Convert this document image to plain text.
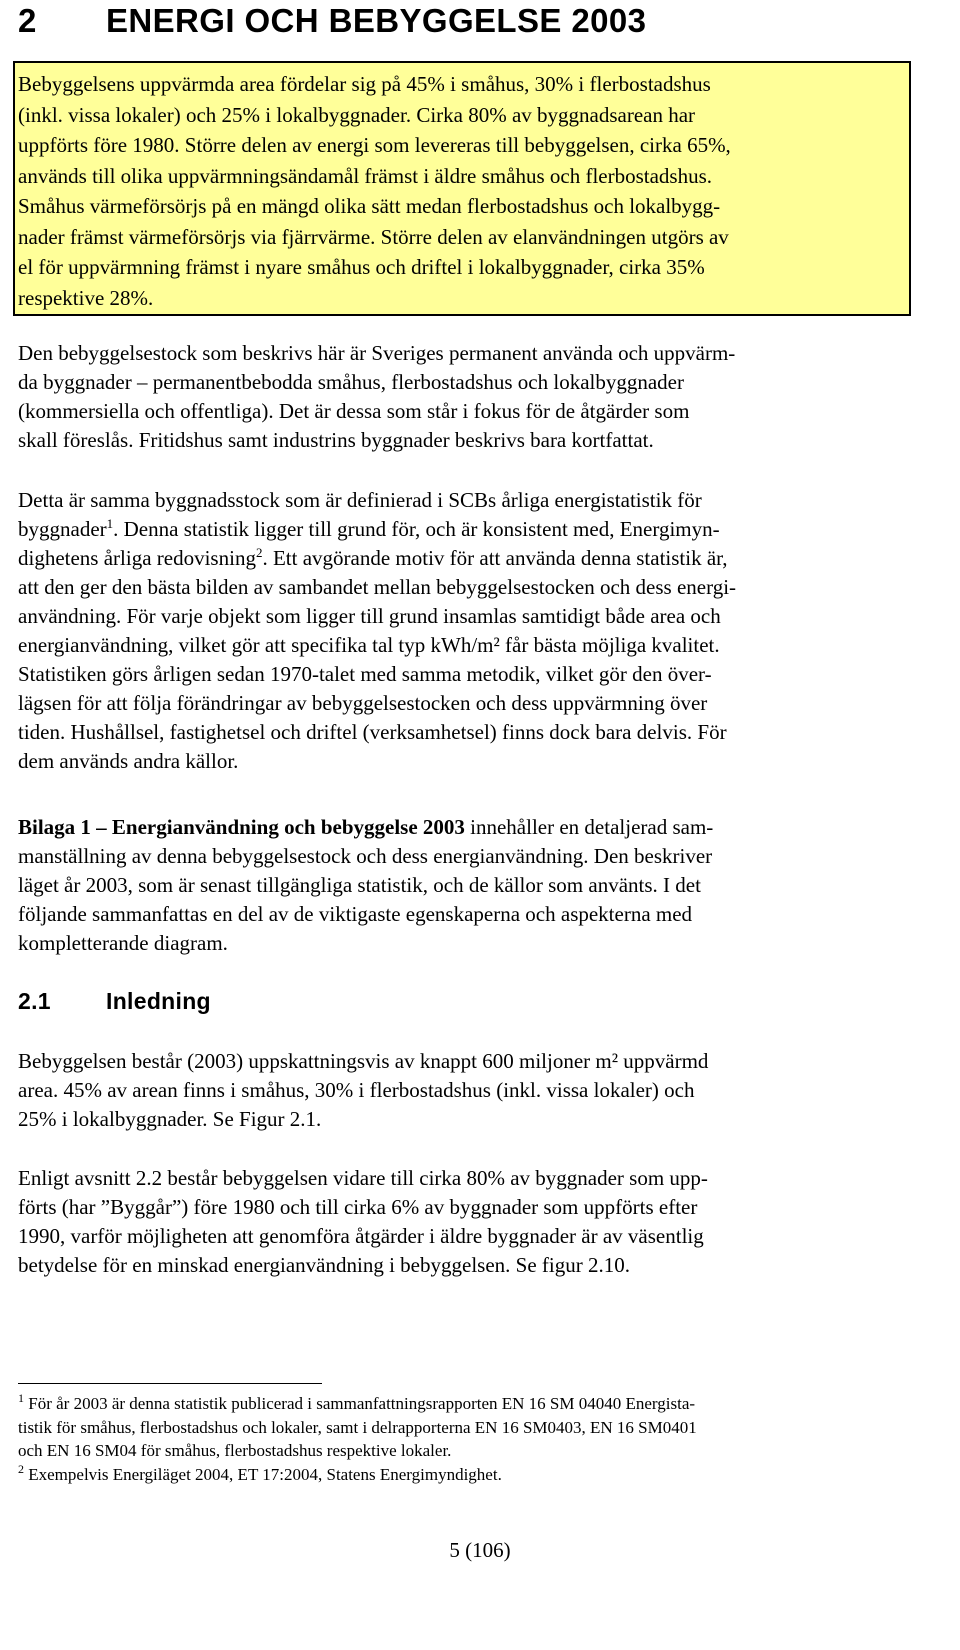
2 ENERGI OCH BEBYGGELSE 2003
Bebyggelsens uppvärmda area fördelar sig på 45% i småhus, 30% i flerbostadshus
(inkl. vissa lokaler) och 25% i lokalbyggnader. Cirka 80% av byggnadsarean har
uppförts före 1980. Större delen av energi som levereras till bebyggelsen, cirka 65%,
används till olika uppvärmningsändamål främst i äldre småhus och flerbostadshus.
Småhus värmeförsörjs på en mängd olika sätt medan flerbostadshus och lokalbygg-
nader främst värmeförsörjs via fjärrvärme. Större delen av elanvändningen utgörs av
el för uppvärmning främst i nyare småhus och driftel i lokalbyggnader, cirka 35%
respektive 28%.
Den bebyggelsestock som beskrivs här är Sveriges permanent använda och uppvärm-
da byggnader – permanentbebodda småhus, flerbostadshus och lokalbyggnader
(kommersiella och offentliga). Det är dessa som står i fokus för de åtgärder som
skall föreslås. Fritidshus samt industrins byggnader beskrivs bara kortfattat.
Detta är samma byggnadsstock som är definierad i SCBs årliga energistatistik för
byggnader$^1$. Denna statistik ligger till grund för, och är konsistent med, Energimyn-
dighetens årliga redovisning$^2$. Ett avgörande motiv för att använda denna statistik är,
att den ger den bästa bilden av sambandet mellan bebyggelsestocken och dess energi-
användning. För varje objekt som ligger till grund insamlas samtidigt både area och
energianvändning, vilket gör att specifika tal typ kWh/m² får bästa möjliga kvalitet.
Statistiken görs årligen sedan 1970-talet med samma metodik, vilket gör den över-
lägsen för att följa förändringar av bebyggelsestocken och dess uppvärmning över
tiden. Hushållsel, fastighetsel och driftel (verksamhetsel) finns dock bara delvis. För
dem används andra källor.
Bilaga 1 – Energianvändning och bebyggelse 2003 innehåller en detaljerad sam-
manställning av denna bebyggelsestock och dess energianvändning. Den beskriver
läget år 2003, som är senast tillgängliga statistik, och de källor som använts. I det
följande sammanfattas en del av de viktigaste egenskaperna och aspekterna med
kompletterande diagram.
2.1 Inledning
Bebyggelsen består (2003) uppskattningsvis av knappt 600 miljoner m² uppvärmd
area. 45% av arean finns i småhus, 30% i flerbostadshus (inkl. vissa lokaler) och
25% i lokalbyggnader. Se Figur 2.1.
Enligt avsnitt 2.2 består bebyggelsen vidare till cirka 80% av byggnader som upp-
förts (har ”Byggår”) före 1980 och till cirka 6% av byggnader som uppförts efter
1990, varför möjligheten att genomföra åtgärder i äldre byggnader är av väsentlig
betydelse för en minskad energianvändning i bebyggelsen. Se figur 2.10.
$^1$ För år 2003 är denna statistik publicerad i sammanfattningsrapporten EN 16 SM 04040 Energista-
tistik för småhus, flerbostadshus och lokaler, samt i delrapporterna EN 16 SM0403, EN 16 SM0401
och EN 16 SM04 för småhus, flerbostadshus respektive lokaler.
$^2$ Exempelvis Energiläget 2004, ET 17:2004, Statens Energimyndighet.
5 (106)
